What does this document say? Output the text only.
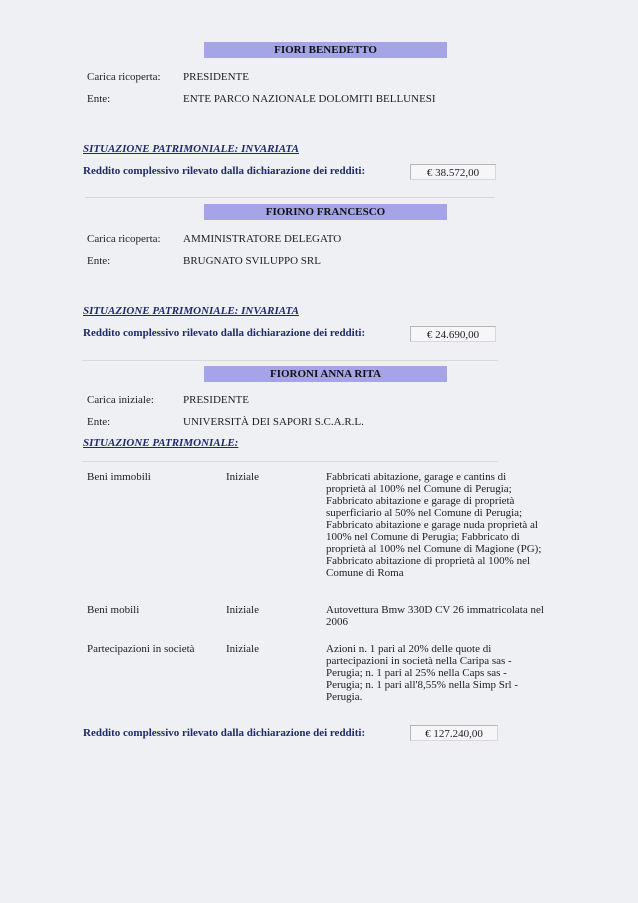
FIORI BENEDETTO
Carica ricoperta: PRESIDENTE
Ente:	ENTE PARCO NAZIONALE DOLOMITI BELLUNESI
SITUAZIONE PATRIMONIALE: INVARIATA
Reddito complessivo rilevato dalla dichiarazione dei redditi:	€ 38.572,00
FIORINO FRANCESCO
Carica ricoperta: AMMINISTRATORE DELEGATO
Ente:	BRUGNATO SVILUPPO SRL
SITUAZIONE PATRIMONIALE: INVARIATA
Reddito complessivo rilevato dalla dichiarazione dei redditi:	€ 24.690,00
FIORONI ANNA RITA
Carica iniziale:	PRESIDENTE
Ente:	UNIVERSITÀ DEI SAPORI S.C.A.R.L.
SITUAZIONE PATRIMONIALE:
Beni immobili	Iniziale	Fabbricati abitazione, garage e cantins di
proprietà al 100% nel Comune di Perugia;
Fabbricato abitazione e garage di proprietà
superficiario al 50% nel Comune di Perugia;
Fabbricato abitazione e garage nuda proprietà al
100% nel Comune di Perugia; Fabbricato di
proprietà al 100% nel Comune di Magione (PG);
Fabbricato abitazione di proprietà al 100% nel
Comune di Roma
Beni mobili	Iniziale	Autovettura Bmw 330D CV 26 immatricolata nel
2006
Partecipazioni in società	Iniziale	Azioni n. 1 pari al 20% delle quote di
partecipazioni in società nella Caripa sas -
Perugia; n. 1 pari al 25% nella Caps sas -
Perugia; n. 1 pari all'8,55% nella Simp Srl -
Perugia.
Reddito complessivo rilevato dalla dichiarazione dei redditi:	€ 127.240,00
